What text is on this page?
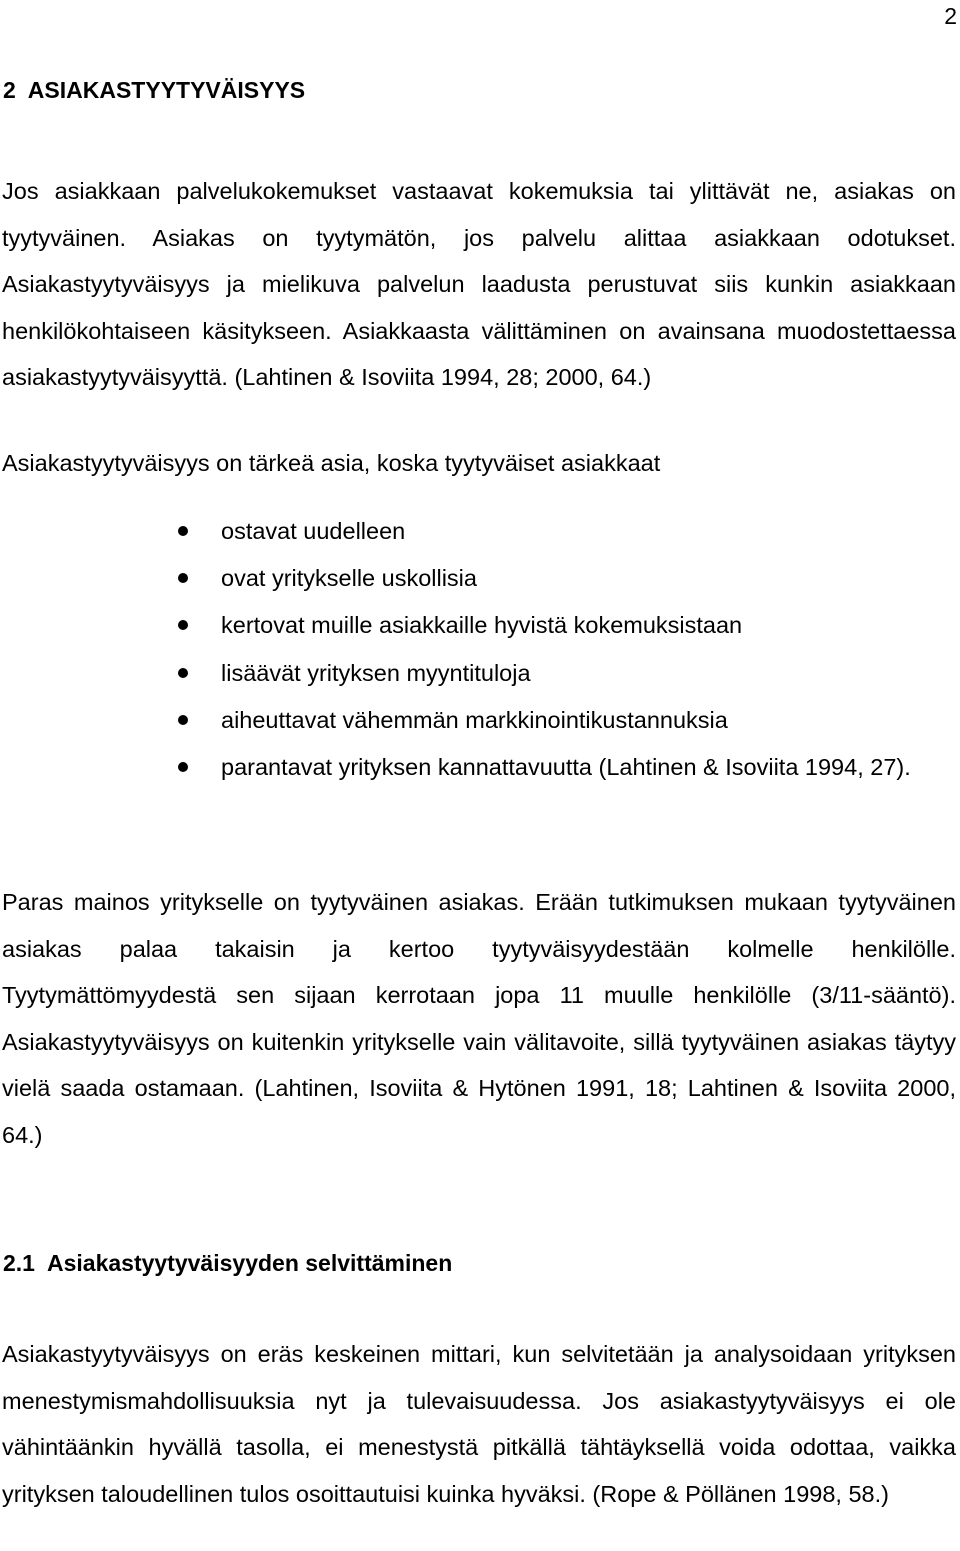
2
2 ASIAKASTYYTYVÄISYYS

Jos asiakkaan palvelukokemukset vastaavat kokemuksia tai ylittävät ne, asiakas on tyytyväinen. Asiakas on tyytymätön, jos palvelu alittaa asiakkaan odotukset. Asiakastyytyväisyys ja mielikuva palvelun laadusta perustuvat siis kunkin asiakkaan henkilökohtaiseen käsitykseen. Asiakkaasta välittäminen on avainsana muodostettaessa asiakastyytyväisyyttä. (Lahtinen & Isoviita 1994, 28; 2000, 64.)

Asiakastyytyväisyys on tärkeä asia, koska tyytyväiset asiakkaat

ostavat uudelleen
ovat yritykselle uskollisia
kertovat muille asiakkaille hyvistä kokemuksistaan
lisäävät yrityksen myyntituloja
aiheuttavat vähemmän markkinointikustannuksia
parantavat yrityksen kannattavuutta (Lahtinen & Isoviita 1994, 27).

Paras mainos yritykselle on tyytyväinen asiakas. Erään tutkimuksen mukaan tyytyväinen asiakas palaa takaisin ja kertoo tyytyväisyydestään kolmelle henkilölle. Tyytymättömyydestä sen sijaan kerrotaan jopa 11 muulle henkilölle (3/11-sääntö). Asiakastyytyväisyys on kuitenkin yritykselle vain välitavoite, sillä tyytyväinen asiakas täytyy vielä saada ostamaan. (Lahtinen, Isoviita & Hytönen 1991, 18; Lahtinen & Isoviita 2000, 64.)

2.1 Asiakastyytyväisyyden selvittäminen

Asiakastyytyväisyys on eräs keskeinen mittari, kun selvitetään ja analysoidaan yrityksen menestymismahdollisuuksia nyt ja tulevaisuudessa. Jos asiakastyytyväisyys ei ole vähintäänkin hyvällä tasolla, ei menestystä pitkällä tähtäyksellä voida odottaa, vaikka yrityksen taloudellinen tulos osoittautuisi kuinka hyväksi. (Rope & Pöllänen 1998, 58.)
